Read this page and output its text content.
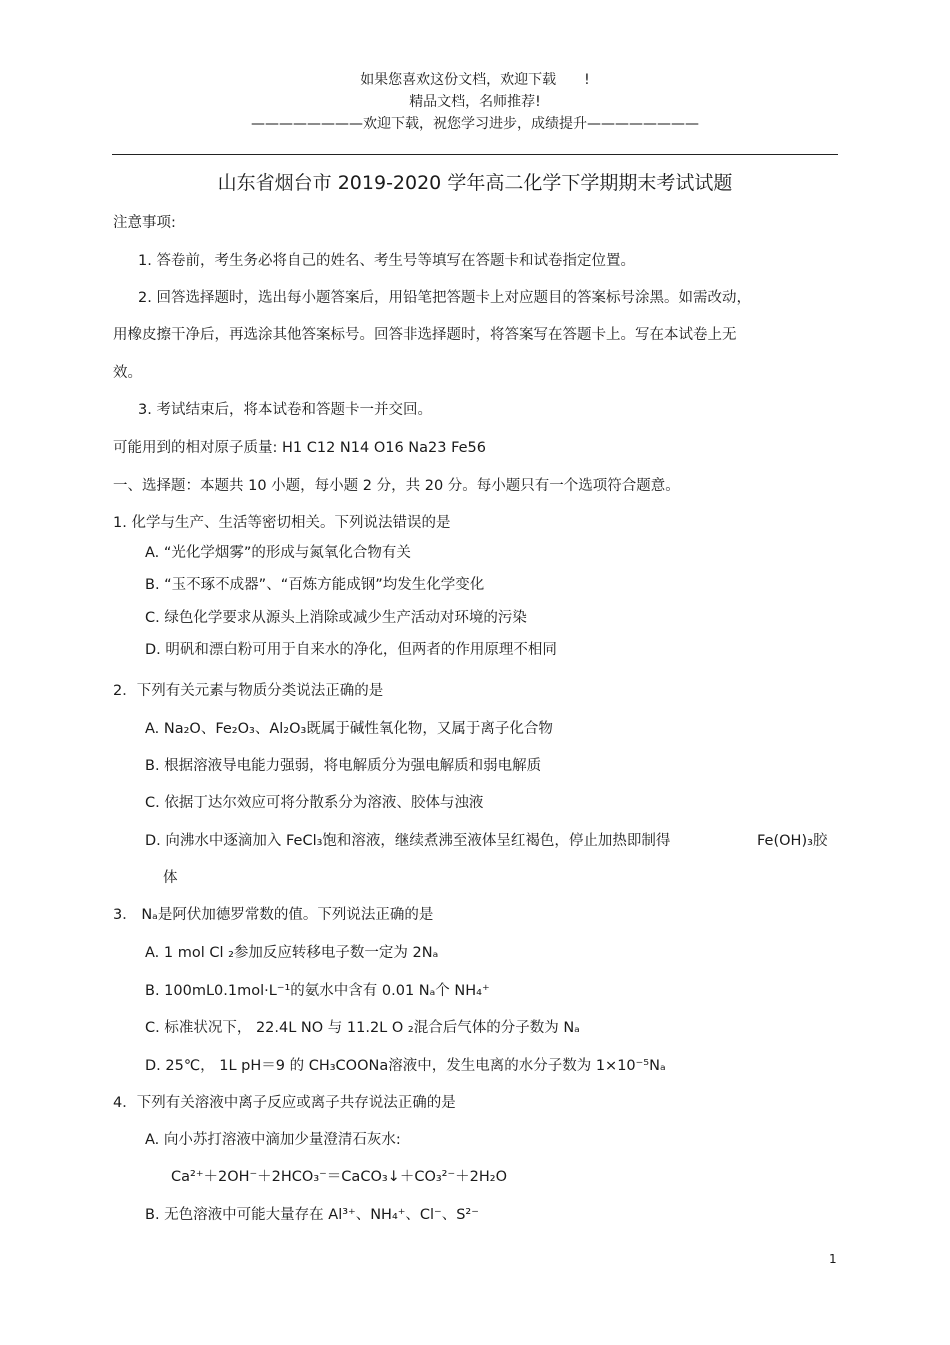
如果您喜欢这份文档，欢迎下载　　!
精品文档，名师推荐!
————————欢迎下载，祝您学习进步，成绩提升————————
山东省烟台市 2019-2020 学年高二化学下学期期末考试试题
注意事项:
1. 答卷前，考生务必将自己的姓名、考生号等填写在答题卡和试卷指定位置。
2. 回答选择题时，选出每小题答案后，用铅笔把答题卡上对应题目的答案标号涂黑。如需改动，
用橡皮擦干净后，再选涂其他答案标号。回答非选择题时，将答案写在答题卡上。写在本试卷上无
效。
3. 考试结束后，将本试卷和答题卡一并交回。
可能用到的相对原子质量: H1 C12 N14 O16 Na23 Fe56
一、选择题：本题共 10 小题，每小题 2 分，共 20 分。每小题只有一个选项符合题意。
1. 化学与生产、生活等密切相关。下列说法错误的是
A. “光化学烟雾”的形成与氮氧化合物有关
B. “玉不琢不成器”、“百炼方能成钢”均发生化学变化
C. 绿色化学要求从源头上消除或减少生产活动对环境的污染
D. 明矾和漂白粉可用于自来水的净化，但两者的作用原理不相同
2．下列有关元素与物质分类说法正确的是
A. Na₂O、Fe₂O₃、Al₂O₃既属于碱性氧化物，又属于离子化合物
B. 根据溶液导电能力强弱，将电解质分为强电解质和弱电解质
C. 依据丁达尔效应可将分散系分为溶液、胶体与浊液
D. 向沸水中逐滴加入 FeCl₃饱和溶液，继续煮沸至液体呈红褐色，停止加热即制得	Fe(OH)₃胶
体
3． Nₐ是阿伏加德罗常数的值。下列说法正确的是
A. 1 mol Cl ₂参加反应转移电子数一定为 2Nₐ
B. 100mL0.1mol·L⁻¹的氨水中含有 0.01 Nₐ个 NH₄⁺
C. 标准状况下， 22.4L NO 与 11.2L O ₂混合后气体的分子数为 Nₐ
D. 25℃， 1L pH＝9 的 CH₃COONa溶液中，发生电离的水分子数为 1×10⁻⁵Nₐ
4．下列有关溶液中离子反应或离子共存说法正确的是
A. 向小苏打溶液中滴加少量澄清石灰水:
Ca²⁺＋2OH⁻＋2HCO₃⁻＝CaCO₃↓＋CO₃²⁻＋2H₂O
B. 无色溶液中可能大量存在 Al³⁺、NH₄⁺、Cl⁻、S²⁻
1
